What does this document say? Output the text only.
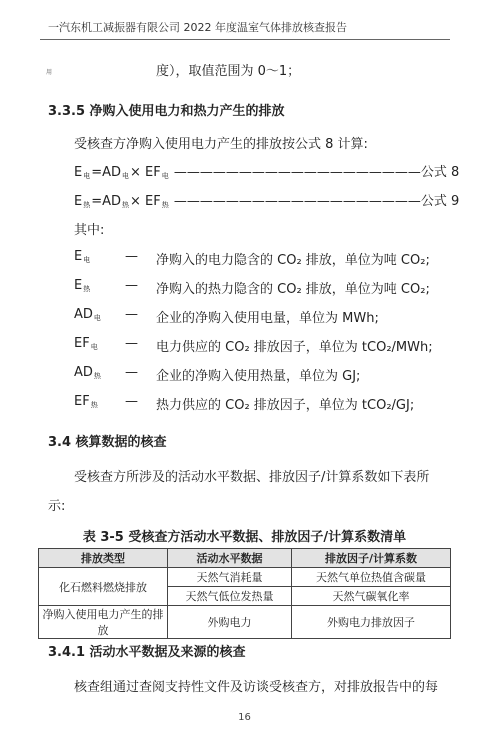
一汽东机工减振器有限公司 2022 年度温室气体排放核查报告
用	度），取值范围为 0～1；
3.3.5 净购入使用电力和热力产生的排放
受核查方净购入使用电力产生的排放按公式 8 计算:
$E_电=AD_电\times EF_电$ ———————————————————公式 8
$E_热=AD_热\times EF_热$ ———————————————————公式 9
其中:
$E_电$	— 净购入的电力隐含的 CO₂ 排放，单位为吨 CO₂;
$E_热$	— 净购入的热力隐含的 CO₂ 排放，单位为吨 CO₂;
$AD_电$ — 企业的净购入使用电量，单位为 MWh;
$EF_电$ — 电力供应的 CO₂ 排放因子，单位为 tCO₂/MWh;
$AD_热$ — 企业的净购入使用热量，单位为 GJ;
$EF_热$ — 热力供应的 CO₂ 排放因子，单位为 tCO₂/GJ;
3.4 核算数据的核查
受核查方所涉及的活动水平数据、排放因子/计算系数如下表所
示:
表 3-5 受核查方活动水平数据、排放因子/计算系数清单
排放类型	活动水平数据	排放因子/计算系数
化石燃料燃烧排放	天然气消耗量	天然气单位热值含碳量
	天然气低位发热量	天然气碳氧化率
净购入使用电力产生的排放	外购电力	外购电力排放因子
3.4.1 活动水平数据及来源的核查
核查组通过查阅支持性文件及访谈受核查方，对排放报告中的每
16
